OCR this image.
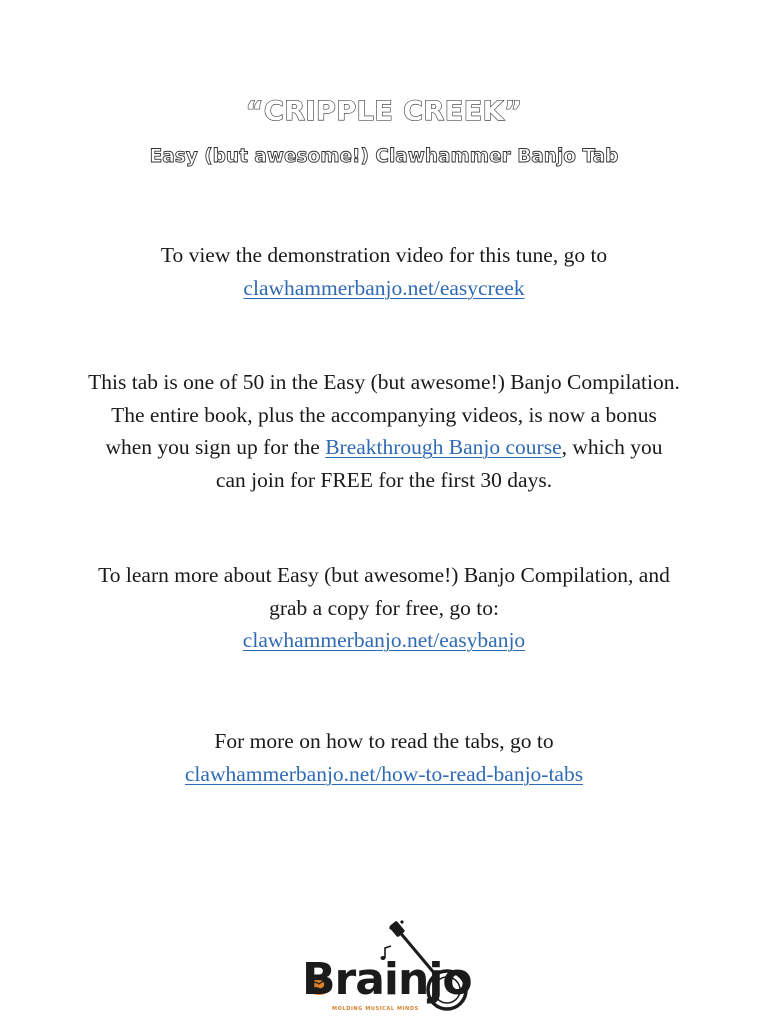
“CRIPPLE CREEK”
Easy (but awesome!) Clawhammer Banjo Tab
To view the demonstration video for this tune, go to
clawhammerbanjo.net/easycreek
This tab is one of 50 in the Easy (but awesome!) Banjo Compilation.
The entire book, plus the accompanying videos, is now a bonus
when you sign up for the Breakthrough Banjo course, which you
can join for FREE for the first 30 days.
To learn more about Easy (but awesome!) Banjo Compilation, and
grab a copy for free, go to:
clawhammerbanjo.net/easybanjo
For more on how to read the tabs, go to
clawhammerbanjo.net/how-to-read-banjo-tabs
Brainjo
MOLDING MUSICAL MINDS
